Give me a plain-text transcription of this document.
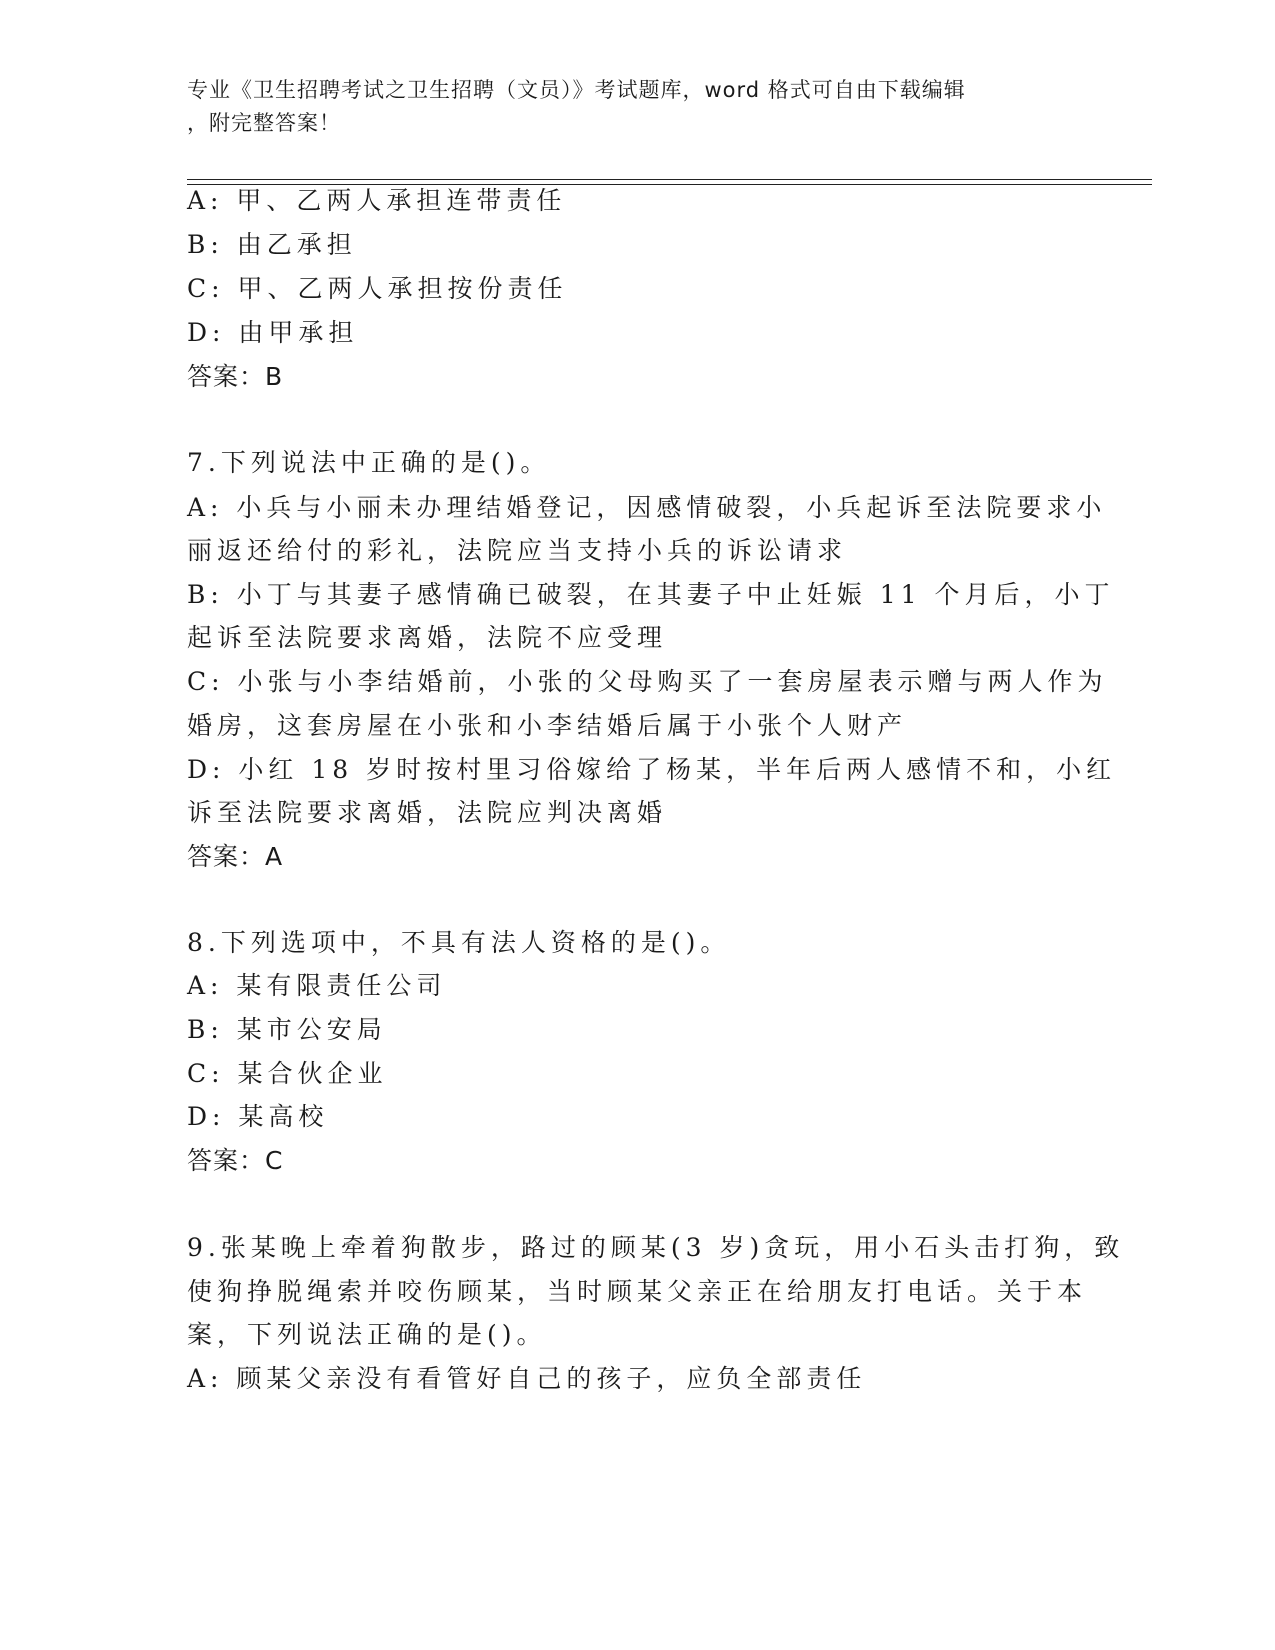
专业《卫生招聘考试之卫生招聘（文员）》考试题库，word 格式可自由下载编辑
，附完整答案！
A: 甲、乙两人承担连带责任
B: 由乙承担
C: 甲、乙两人承担按份责任
D: 由甲承担
答案：B
7.下列说法中正确的是()。
A: 小兵与小丽未办理结婚登记，因感情破裂，小兵起诉至法院要求小
丽返还给付的彩礼，法院应当支持小兵的诉讼请求
B: 小丁与其妻子感情确已破裂，在其妻子中止妊娠 11 个月后，小丁
起诉至法院要求离婚，法院不应受理
C: 小张与小李结婚前，小张的父母购买了一套房屋表示赠与两人作为
婚房，这套房屋在小张和小李结婚后属于小张个人财产
D: 小红 18 岁时按村里习俗嫁给了杨某，半年后两人感情不和，小红
诉至法院要求离婚，法院应判决离婚
答案：A
8.下列选项中，不具有法人资格的是()。
A: 某有限责任公司
B: 某市公安局
C: 某合伙企业
D: 某高校
答案：C
9.张某晚上牵着狗散步，路过的顾某(3 岁)贪玩，用小石头击打狗，致
使狗挣脱绳索并咬伤顾某，当时顾某父亲正在给朋友打电话。关于本
案，下列说法正确的是()。
A: 顾某父亲没有看管好自己的孩子，应负全部责任
